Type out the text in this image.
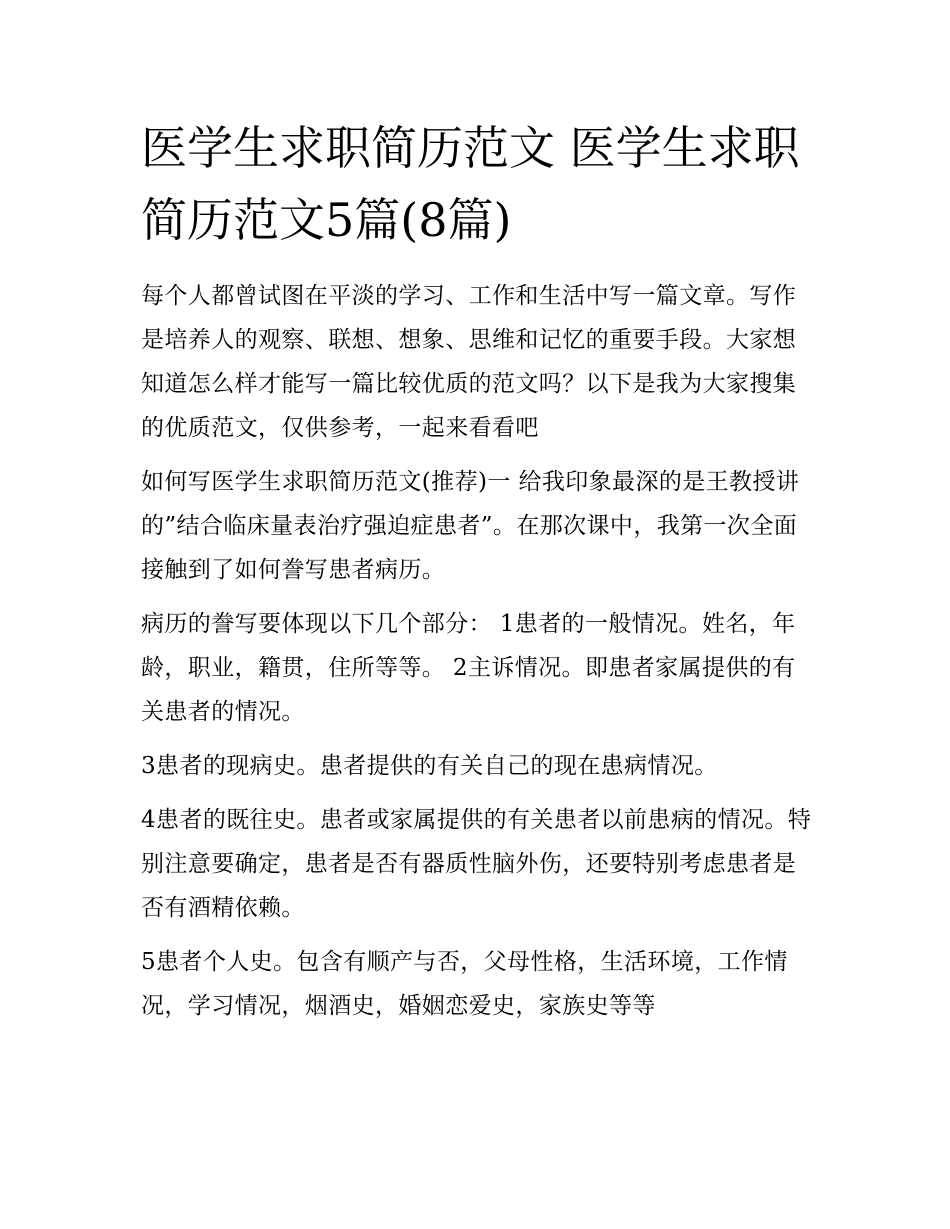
医学生求职简历范文 医学生求职简历范文5篇(8篇)

每个人都曾试图在平淡的学习、工作和生活中写一篇文章。写作是培养人的观察、联想、想象、思维和记忆的重要手段。大家想知道怎么样才能写一篇比较优质的范文吗？以下是我为大家搜集的优质范文，仅供参考，一起来看看吧

如何写医学生求职简历范文(推荐)一 给我印象最深的是王教授讲的”结合临床量表治疗强迫症患者”。在那次课中，我第一次全面接触到了如何誊写患者病历。

病历的誊写要体现以下几个部分： 1患者的一般情况。姓名，年龄，职业，籍贯，住所等等。 2主诉情况。即患者家属提供的有关患者的情况。

3患者的现病史。患者提供的有关自己的现在患病情况。

4患者的既往史。患者或家属提供的有关患者以前患病的情况。特别注意要确定，患者是否有器质性脑外伤，还要特别考虑患者是否有酒精依赖。

5患者个人史。包含有顺产与否，父母性格，生活环境，工作情况，学习情况，烟酒史，婚姻恋爱史，家族史等等
